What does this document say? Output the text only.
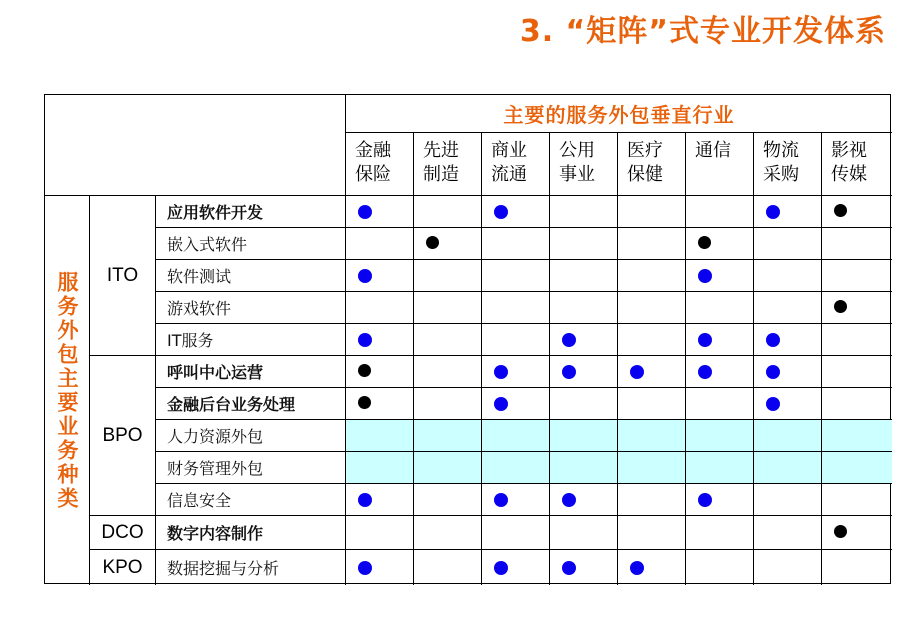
3. “矩阵”式专业开发体系
主要的服务外包垂直行业
服务外包主要业务种类
金融
保险
先进
制造
商业
流通
公用
事业
医疗
保健
通信	物流
采购
影视
传媒
ITO
BPO
DCO
KPO
应用软件开发
嵌入式软件
软件测试
游戏软件
IT服务
呼叫中心运营
金融后台业务处理
人力资源外包
财务管理外包
信息安全
数字内容制作
数据挖掘与分析
